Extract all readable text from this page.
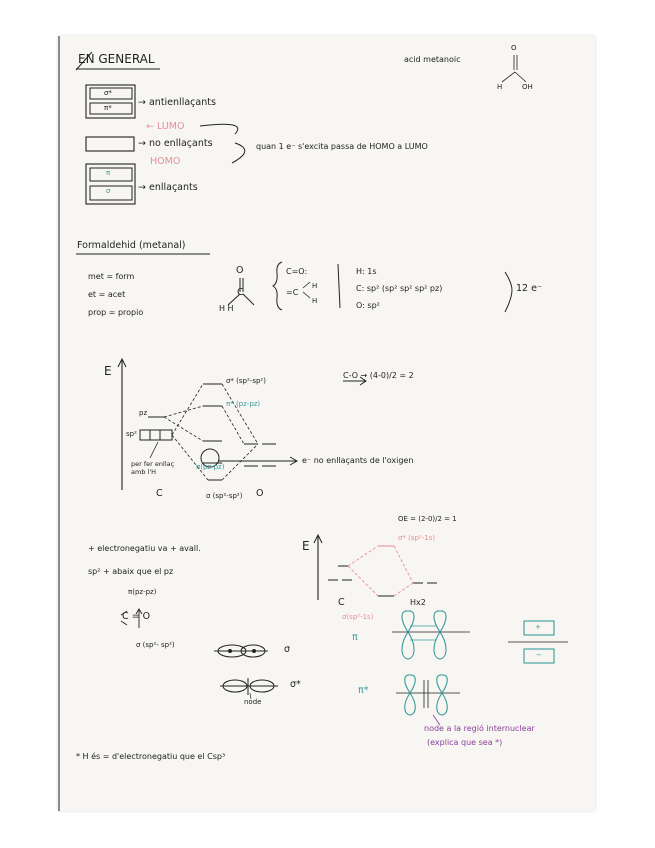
EN GENERAL	acid metanoic
O
H	OH
σ*
π*	→ antienllaçants
← LUMO
→ no enllaçants
HOMO
π
σ	→ enllaçants
quan 1 e⁻ s'excita passa de HOMO a LUMO
Formaldehid (metanal)
met = form
et = acet
prop = propio
O
C
H H
C=O:
=C
H
H
H: 1s
C: sp² (sp² sp² sp² pz)
O: sp²
12 e⁻
E
σ* (sp²-sp²)
π* (pz-pz)
pz
sp²
C-O → (4-0)/2 = 2
e⁻ no enllaçants de l'oxigen
per fer enllaç amb l'H
π(pz-pz)
σ (sp²-sp²)
C	O
+ electronegatiu va + avall.
sp² + abaix que el pz
π(pz-pz)
C = O
σ (sp²- sp²)	σ
σ*
node
* H és = d'electronegatiu que el Csp³
E
OE = (2-0)/2 = 1
σ* (sp²-1s)
C	Hx2
σ(sp²-1s)
π
π*
node a la regió internuclear
(explica que sea *)
+
−
